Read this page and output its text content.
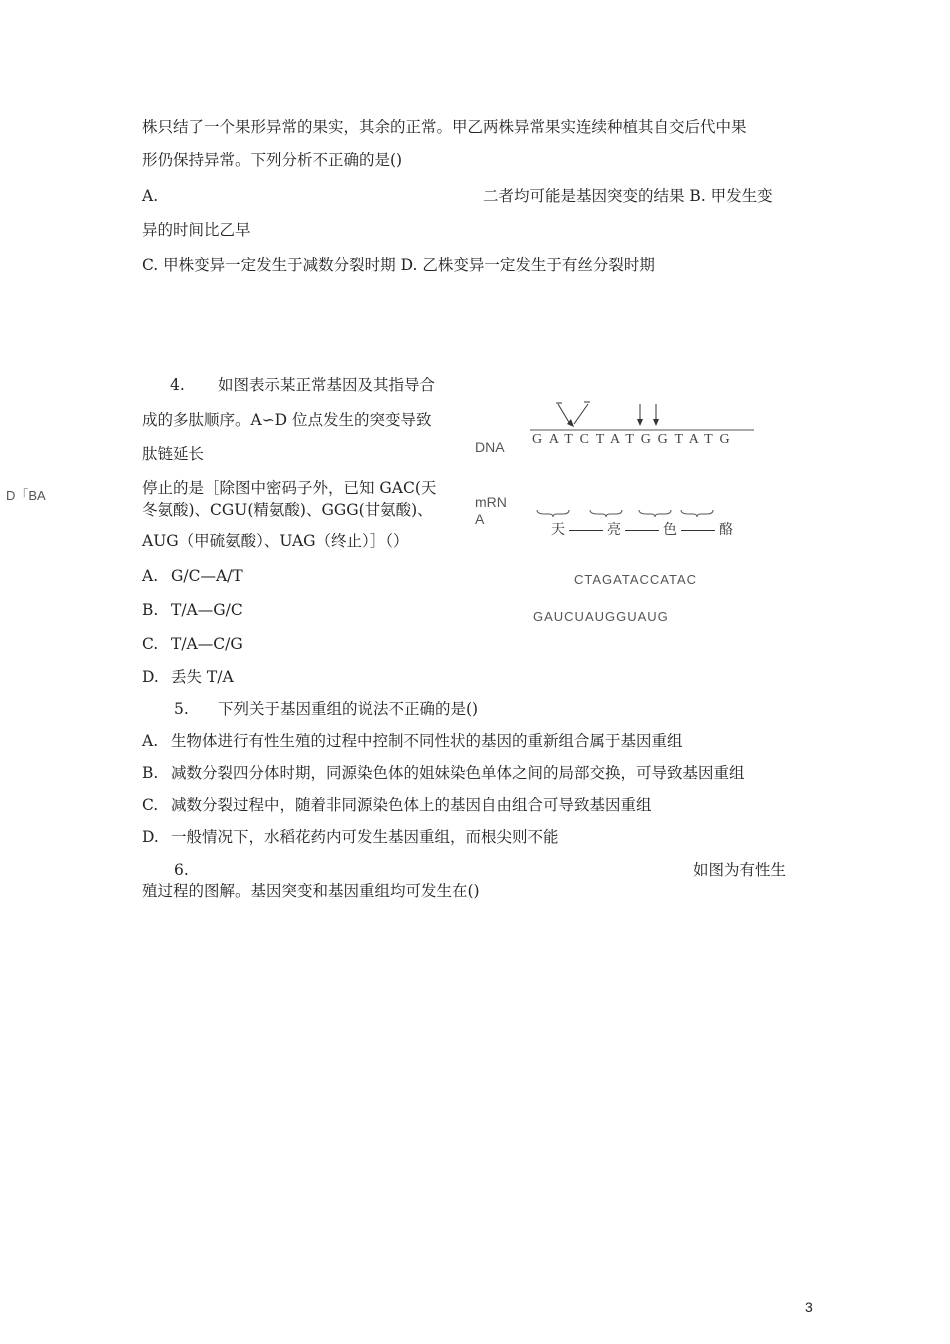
株只结了一个果形异常的果实，其余的正常。甲乙两株异常果实连续种植其自交后代中果
形仍保持异常。下列分析不正确的是()
A.	二者均可能是基因突变的结果 B. 甲发生变
异的时间比乙早
C. 甲株变异一定发生于减数分裂时期 D. 乙株变异一定发生于有丝分裂时期
4. 如图表示某正常基因及其指导合
成的多肽顺序。A∽D 位点发生的突变导致
肽链延长
停止的是［除图中密码子外，已知 GAC(天
冬氨酸)、CGU(精氨酸)、GGG(甘氨酸)、
AUG（甲硫氨酸）、UAG（终止）］（）
D「BA
A. G/C—A/T
B. T/A—G/C
C. T/A—C/G
D. 丢失 T/A
GATCTATGGTATG
DNA
mRN
A
天	亮	色	酪
CTAGATACCATAC
GAUCUAUGGUAUG
5. 下列关于基因重组的说法不正确的是()
A. 生物体进行有性生殖的过程中控制不同性状的基因的重新组合属于基因重组
B. 减数分裂四分体时期，同源染色体的姐妹染色单体之间的局部交换，可导致基因重组
C. 减数分裂过程中，随着非同源染色体上的基因自由组合可导致基因重组
D. 一般情况下，水稻花药内可发生基因重组，而根尖则不能
6.	如图为有性生
殖过程的图解。基因突变和基因重组均可发生在()
3
